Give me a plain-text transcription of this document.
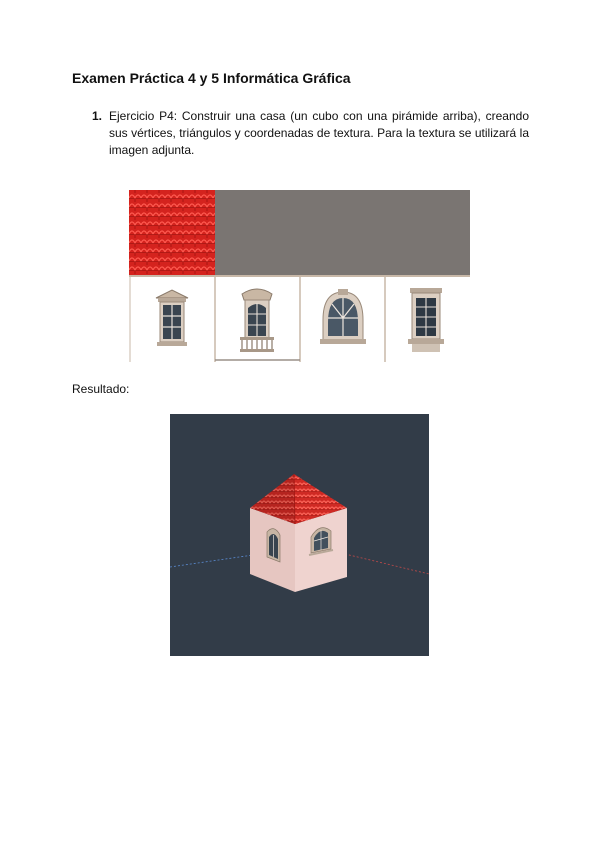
Examen Práctica 4 y 5 Informática Gráfica
1. Ejercicio P4: Construir una casa (un cubo con una pirámide arriba), creando sus vértices, triángulos y coordenadas de textura. Para la textura se utilizará la imagen adjunta.
Resultado:
